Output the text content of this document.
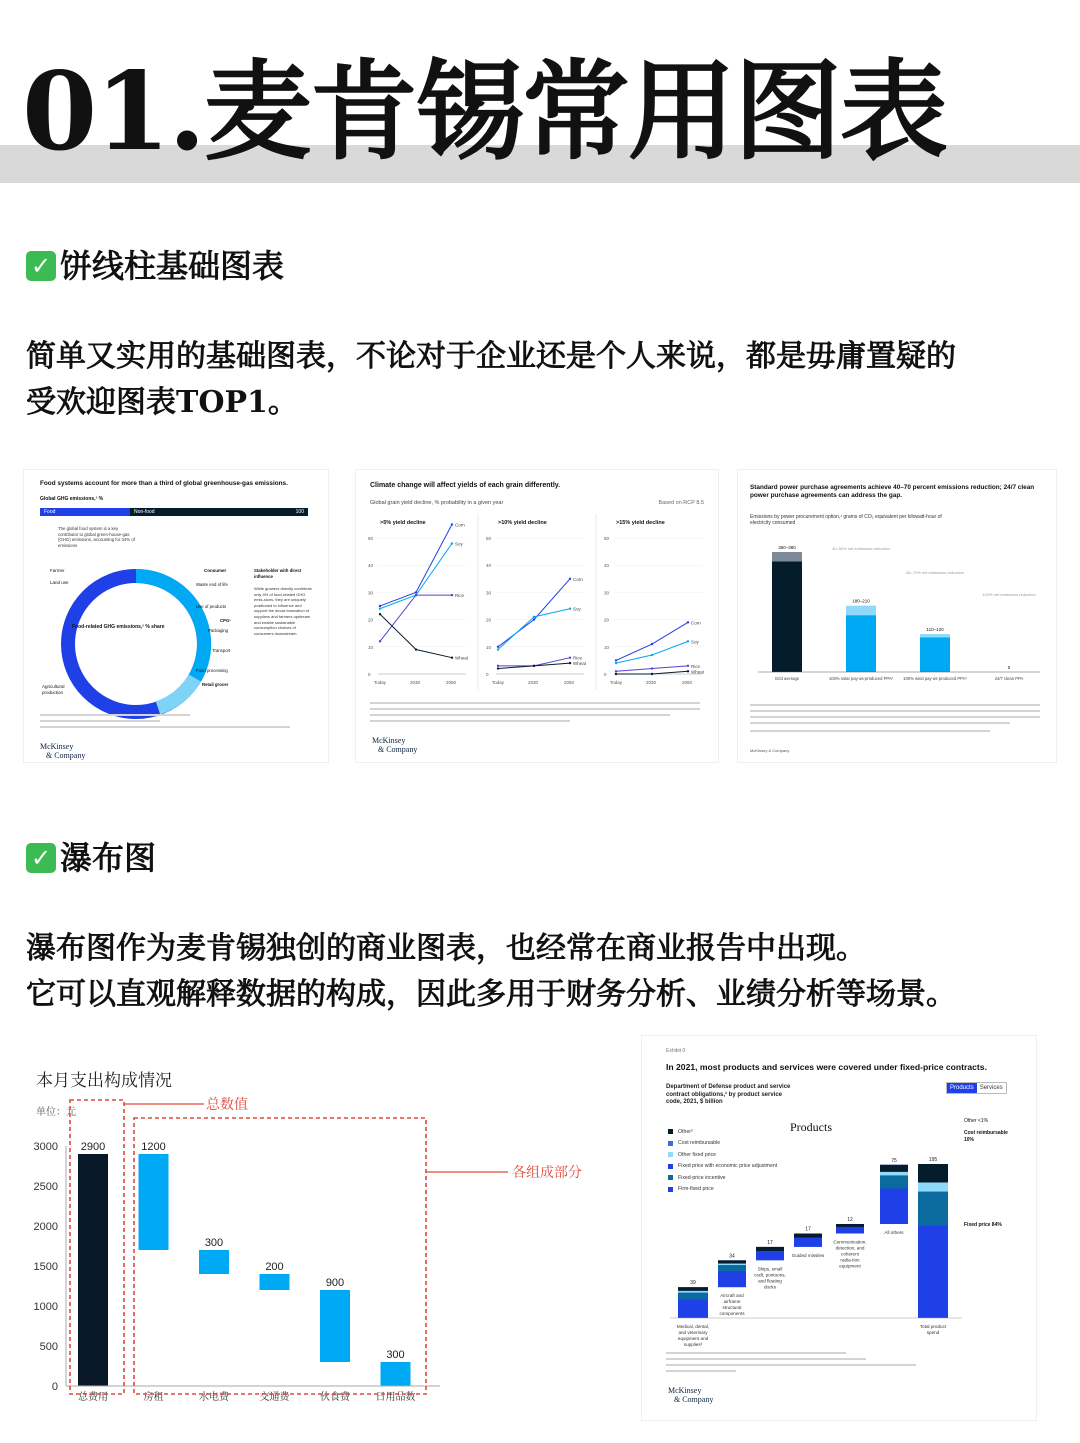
01.麦肯锡常用图表
✓ 饼线柱基础图表

简单又实用的基础图表，不论对于企业还是个人来说，都是毋庸置疑的

受欢迎图表TOP1。

Food systems account for more than a third of global greenhouse-gas emissions.
Global GHG emissions,¹ %
Food	Non-food	100
The global food system is a key contributor to global green-house-gas (GHG) emissions, accounting for 34% of emissions
Food-related GHG emissions,² % share
Farmer
Land use
Agricultural production
Consumer
Waste end of life
Use of products
CPG³
Packaging
Transport
Food processing
Retail grocer
Stakeholder with direct influence
While growers directly contribute only 4% of food-related GHG emis-sions, they are uniquely positioned to influence and support the decar-bonization of suppliers and farmers upstream and enable sustainable consumption choices of consumers downstream.
McKinsey
& Company
Climate change will affect yields of each grain differently.
Global grain yield decline, % probability in a given year	Based on RCP 8.5
>5% yield decline
0
10
20
30
40
50
Today	2030	2050
Corn
Soy
Rice
Wheat
>10% yield decline
0
10
20
30
40
50
Today	2030	2050
Corn
Soy
Rice
Wheat
>15% yield decline
0
10
20
30
40
50
Today	2030	2050
Corn
Soy
Rice
Wheat
McKinsey
& Company
Standard power purchase agreements achieve 40–70 percent emissions reduction; 24/7 clean power purchase agreements can address the gap.
Emissions by power procurement option,¹ grams of CO₂ equivalent per kilowatt-hour of electricity consumed
350–380
Grid average
180–210
100% solar pay-as-produced PPA²
110–120
100% wind pay-as-produced PPA²
0
24/7 clean PPA
40–50% net emissions reduction
65–70% net emissions reduction
100% net emissions reduction
McKinsey & Company
✓ 瀑布图

瀑布图作为麦肯锡独创的商业图表，也经常在商业报告中出现。

它可以直观解释数据的构成，因此多用于财务分析、业绩分析等场景。

本月支出构成情况
单位：元
0
500
1000
1500
2000
2500
3000 2900
总费用
1200
房租
300
水电费
200
交通费
900
伙食费
300
日用品数
总数值
各组成部分
Exhibit 0
In 2021, most products and services were covered under fixed-price contracts.
Department of Defense product and service contract obligations,¹ by product service code, 2021, $ billion
Products	Services
Products
Other²
Cost reimbursable
Other fixed price
Fixed price with economic price adjustment
Fixed-price incentive
Firm-fixed price
39
Medical, dental, and veterinary equipment and supplies³
34
Aircraft and airframe structural components
17
Ships, small craft, pontoons, and floating docks
17
Guided missiles
12
Communication, detection, and coherent radia-tion equipment
75
All others
195
Total product spend
Other <1%
Cost reimbursable 10%
Fixed price 84%
McKinsey
& Company
